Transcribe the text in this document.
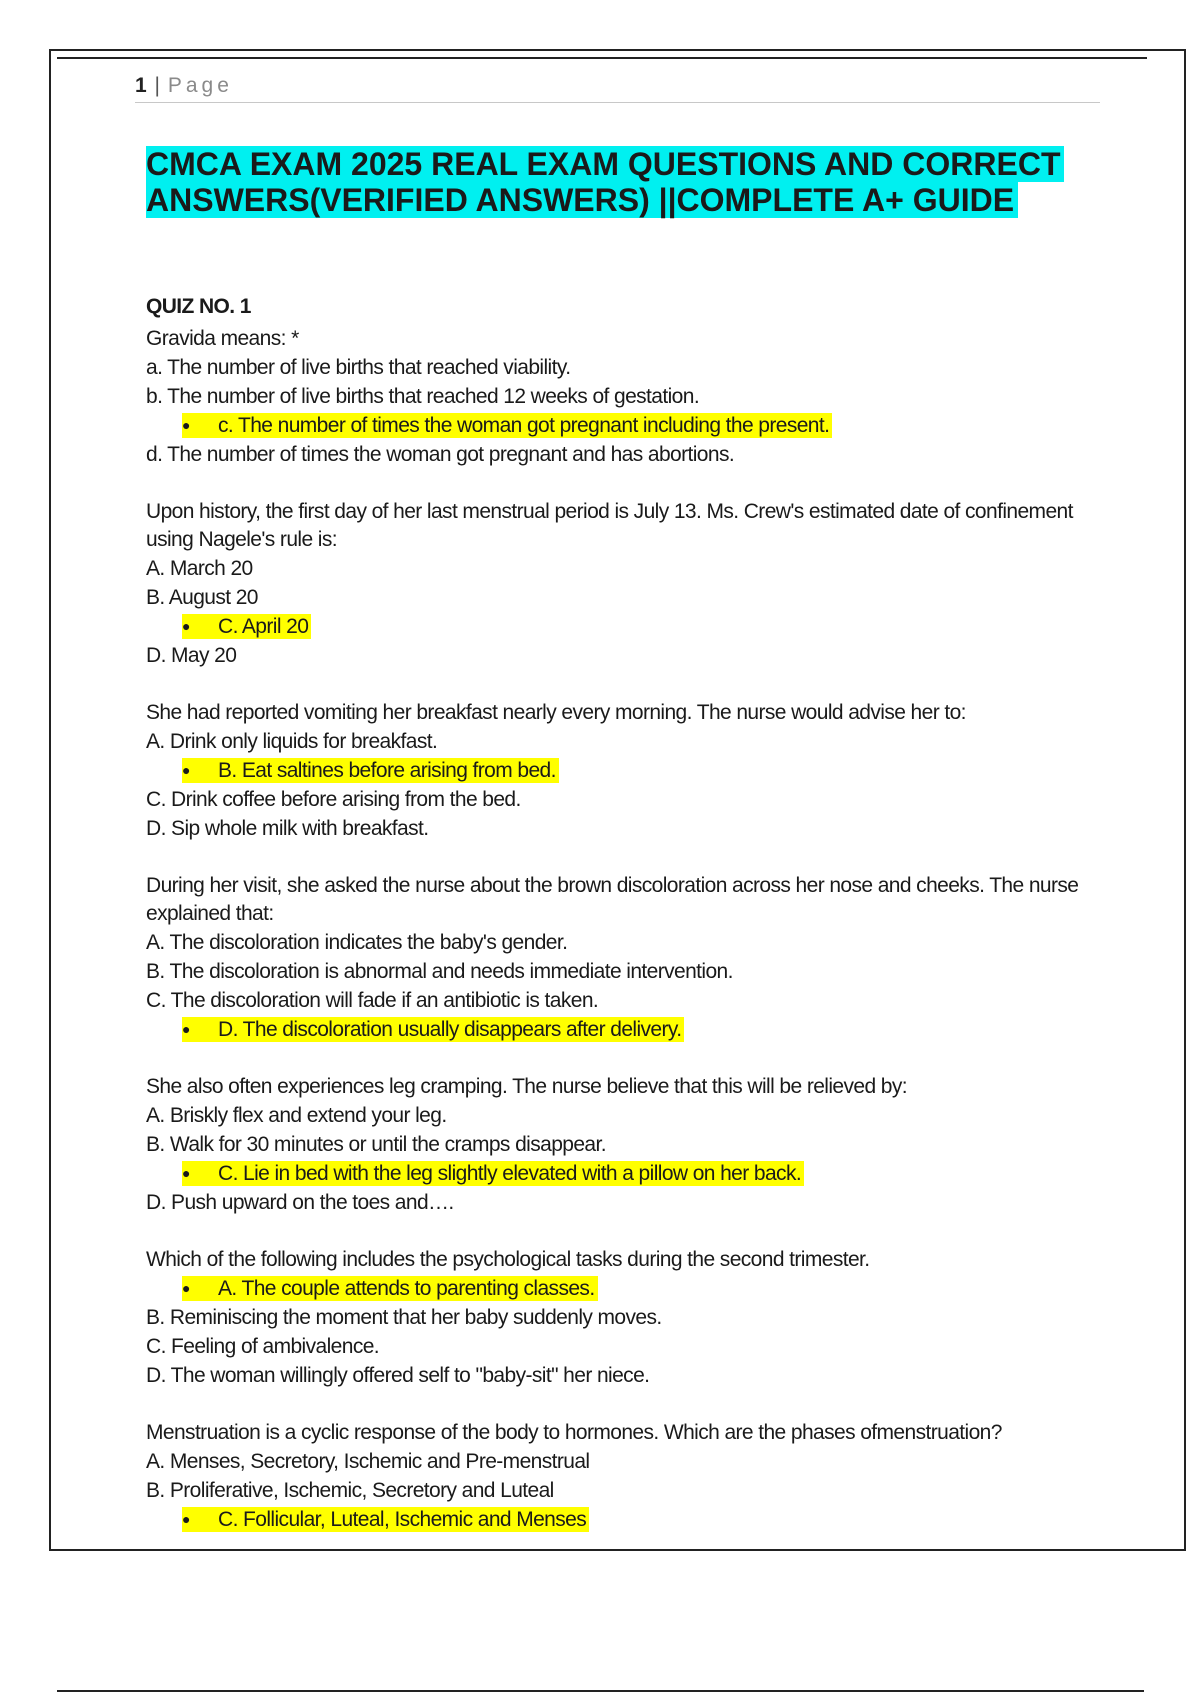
1 | Page
CMCA EXAM 2025 REAL EXAM QUESTIONS AND CORRECT ANSWERS(VERIFIED ANSWERS) ||COMPLETE A+ GUIDE

QUIZ NO. 1

Gravida means: *

a. The number of live births that reached viability.

b. The number of live births that reached 12 weeks of gestation.

● c. The number of times the woman got pregnant including the present.

d. The number of times the woman got pregnant and has abortions.

Upon history, the first day of her last menstrual period is July 13. Ms. Crew's estimated date of confinement using Nagele's rule is:

A. March 20

B. August 20

● C. April 20

D. May 20

She had reported vomiting her breakfast nearly every morning. The nurse would advise her to:

A. Drink only liquids for breakfast.

● B. Eat saltines before arising from bed.

C. Drink coffee before arising from the bed.

D. Sip whole milk with breakfast.

During her visit, she asked the nurse about the brown discoloration across her nose and cheeks. The nurse explained that:

A. The discoloration indicates the baby's gender.

B. The discoloration is abnormal and needs immediate intervention.

C. The discoloration will fade if an antibiotic is taken.

● D. The discoloration usually disappears after delivery.

She also often experiences leg cramping. The nurse believe that this will be relieved by:

A. Briskly flex and extend your leg.

B. Walk for 30 minutes or until the cramps disappear.

● C. Lie in bed with the leg slightly elevated with a pillow on her back.

D. Push upward on the toes and….

Which of the following includes the psychological tasks during the second trimester.

● A. The couple attends to parenting classes.

B. Reminiscing the moment that her baby suddenly moves.

C. Feeling of ambivalence.

D. The woman willingly offered self to "baby-sit" her niece.

Menstruation is a cyclic response of the body to hormones. Which are the phases ofmenstruation?

A. Menses, Secretory, Ischemic and Pre-menstrual

B. Proliferative, Ischemic, Secretory and Luteal

● C. Follicular, Luteal, Ischemic and Menses
